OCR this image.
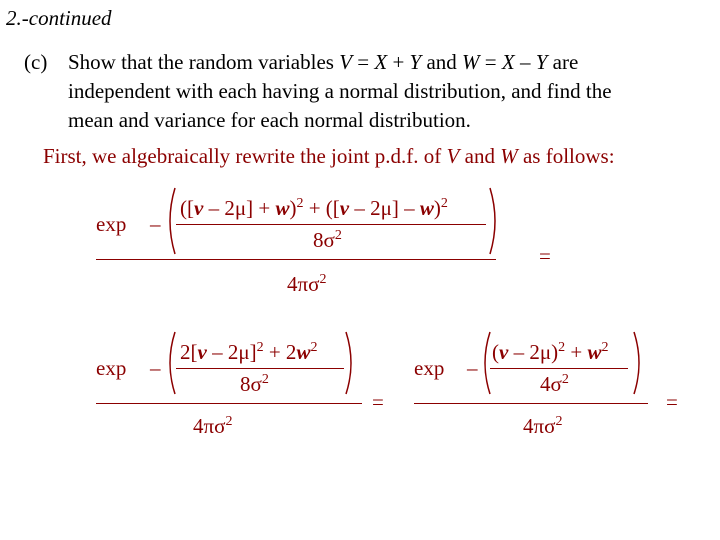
2.-continued
(c) Show that the random variables V = X + Y and W = X – Y are
independent with each having a normal distribution, and find the
mean and variance for each normal distribution.
First, we algebraically rewrite the joint p.d.f. of V and W as follows:
exp –
$([v - 2\mu] + w)^2 + ([v - 2\mu] - w)^2$
$8\sigma^2$
$4\pi\sigma^2$
=
exp –
$2[v - 2\mu]^2 + 2w^2$
$8\sigma^2$
$4\pi\sigma^2$
=
exp –
$(v - 2\mu)^2 + w^2$
$4\sigma^2$
$4\pi\sigma^2$
=
